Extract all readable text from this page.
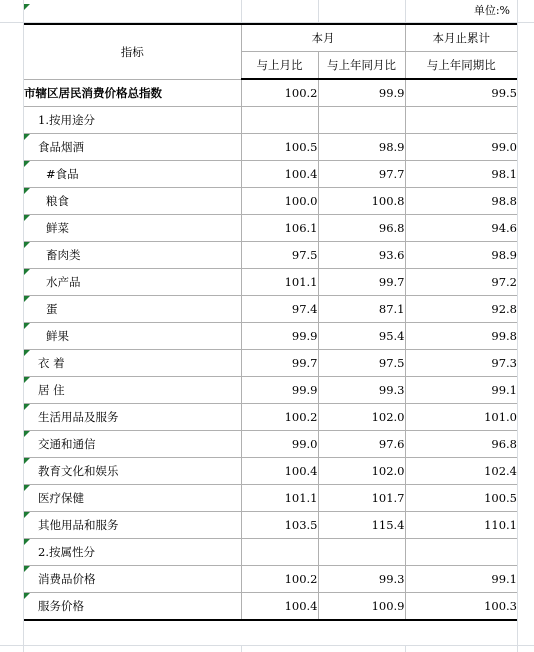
单位:%
指标	本月		本月止累计
	与上月比	与上年同月比	与上年同期比
市辖区居民消费价格总指数	100.2	99.9	99.5
1.按用途分			

食品烟酒	100.5	98.9	99.0

#食品	100.4	97.7	98.1

粮食	100.0	100.8	98.8

鲜菜	106.1	96.8	94.6

畜肉类	97.5	93.6	98.9

水产品	101.1	99.7	97.2

蛋	97.4	87.1	92.8

鲜果	99.9	95.4	99.8

衣 着	99.7	97.5	97.3

居 住	99.9	99.3	99.1

生活用品及服务	100.2	102.0	101.0

交通和通信	99.0	97.6	96.8

教育文化和娱乐	100.4	102.0	102.4

医疗保健	101.1	101.7	100.5

其他用品和服务	103.5	115.4	110.1

2.按属性分			

消费品价格	100.2	99.3	99.1

服务价格	100.4	100.9	100.3
